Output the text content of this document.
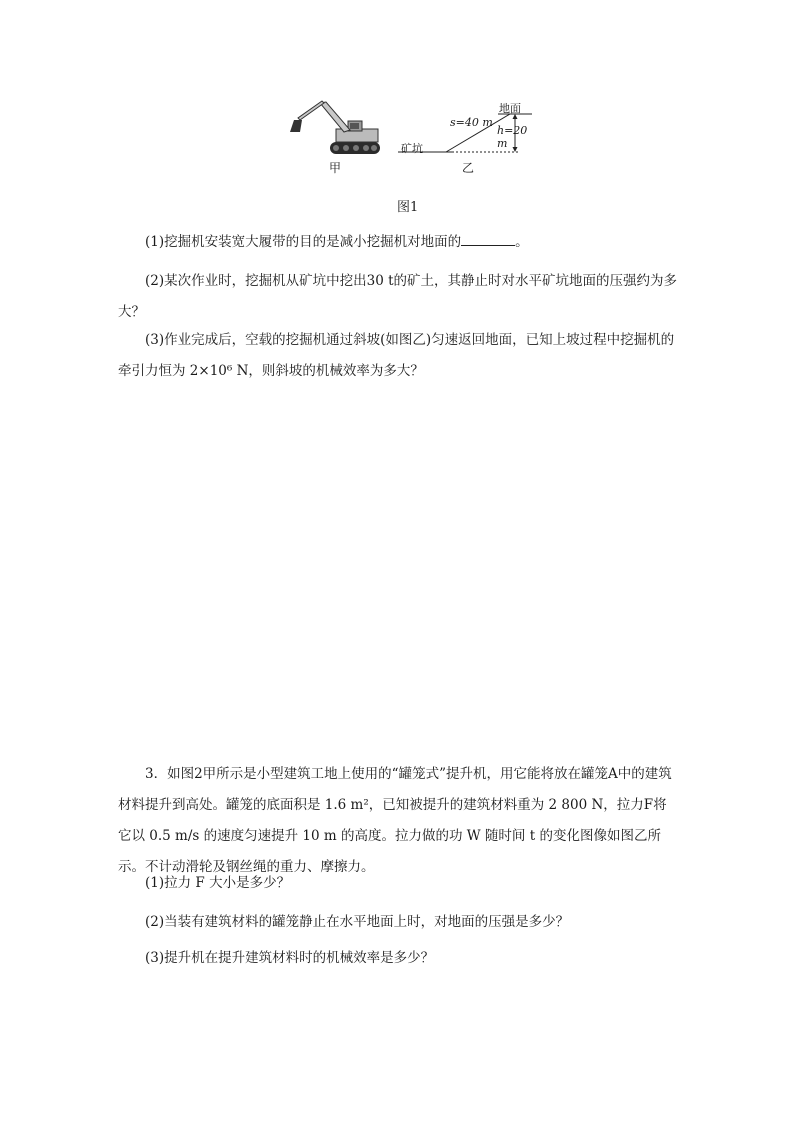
甲
地面
s=40 m
h=20 m
矿坑
乙
图1
(1)挖掘机安装宽大履带的目的是减小挖掘机对地面的	。
(2)某次作业时，挖掘机从矿坑中挖出30 t的矿土，其静止时对水平矿坑地面的压强约为多大？
(3)作业完成后，空载的挖掘机通过斜坡(如图乙)匀速返回地面，已知上坡过程中挖掘机的牵引力恒为 2×10⁶ N，则斜坡的机械效率为多大？
3．如图2甲所示是小型建筑工地上使用的“罐笼式”提升机，用它能将放在罐笼A中的建筑材料提升到高处。罐笼的底面积是 1.6 m²，已知被提升的建筑材料重为 2 800 N，拉力F将它以 0.5 m/s 的速度匀速提升 10 m 的高度。拉力做的功 W 随时间 t 的变化图像如图乙所示。不计动滑轮及钢丝绳的重力、摩擦力。
(1)拉力 F 大小是多少？
(2)当装有建筑材料的罐笼静止在水平地面上时，对地面的压强是多少？
(3)提升机在提升建筑材料时的机械效率是多少？
